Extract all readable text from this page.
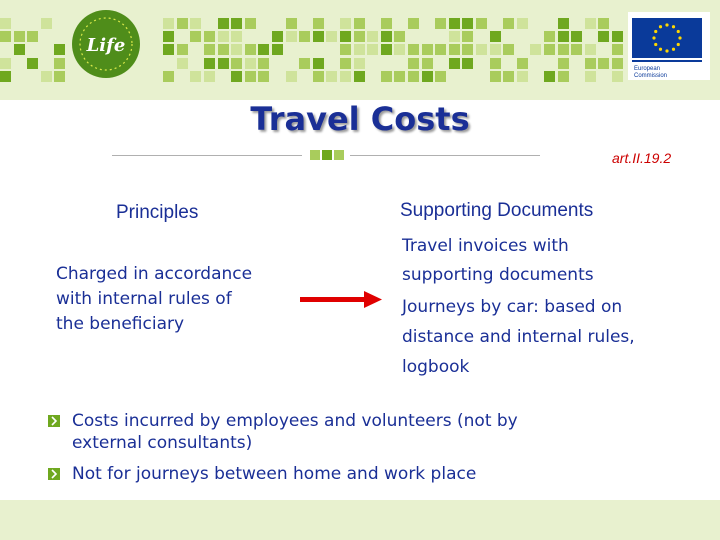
Life
European
Commission
Travel Costs
art.II.19.2
Principles
Charged in accordance
with internal rules of
the beneficiary
Supporting Documents
Travel invoices with
supporting documents
Journeys by car: based on
distance and internal rules,
logbook
Costs incurred by employees and volunteers (not by
external consultants)
Not for journeys between home and work place
